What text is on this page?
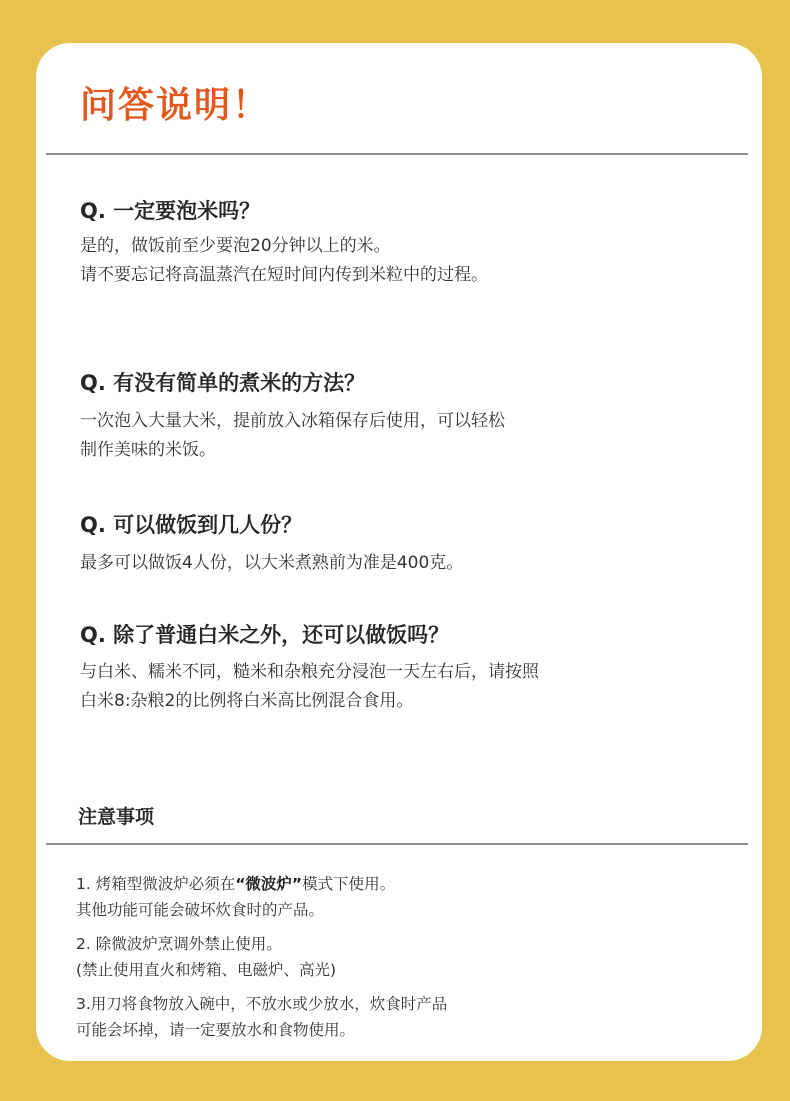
问答说明！

Q. 一定要泡米吗？

是的，做饭前至少要泡20分钟以上的米。
请不要忘记将高温蒸汽在短时间内传到米粒中的过程。

Q. 有没有简单的煮米的方法？

一次泡入大量大米，提前放入冰箱保存后使用，可以轻松
制作美味的米饭。

Q. 可以做饭到几人份？

最多可以做饭4人份，以大米煮熟前为准是400克。

Q. 除了普通白米之外，还可以做饭吗？

与白米、糯米不同，糙米和杂粮充分浸泡一天左右后，请按照
白米8:杂粮2的比例将白米高比例混合食用。

注意事项
1. 烤箱型微波炉必须在“微波炉”模式下使用。
其他功能可能会破坏炊食时的产品。
2. 除微波炉烹调外禁止使用。
(禁止使用直火和烤箱、电磁炉、高光)
3.用刀将食物放入碗中，不放水或少放水，炊食时产品
可能会坏掉，请一定要放水和食物使用。
